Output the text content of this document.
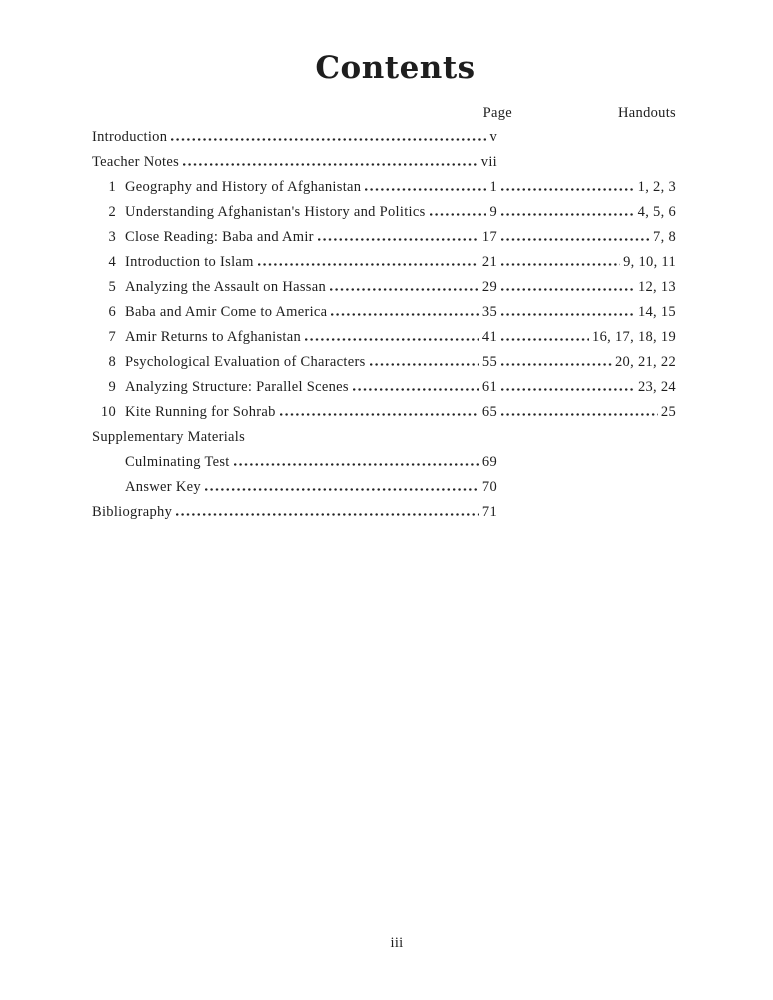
Contents
Page	Handouts
Introduction	v
Teacher Notes	vii
1 Geography and History of Afghanistan	1	1, 2, 3
2 Understanding Afghanistan's History and Politics	9	4, 5, 6
3 Close Reading: Baba and Amir	17	7, 8
4 Introduction to Islam	21	9, 10, 11
5 Analyzing the Assault on Hassan	29	12, 13
6 Baba and Amir Come to America	35	14, 15
7 Amir Returns to Afghanistan	41	16, 17, 18, 19
8 Psychological Evaluation of Characters	55	20, 21, 22
9 Analyzing Structure: Parallel Scenes	61	23, 24
10 Kite Running for Sohrab	65	25
Supplementary Materials
Culminating Test	69
Answer Key	70
Bibliography	71
iii
